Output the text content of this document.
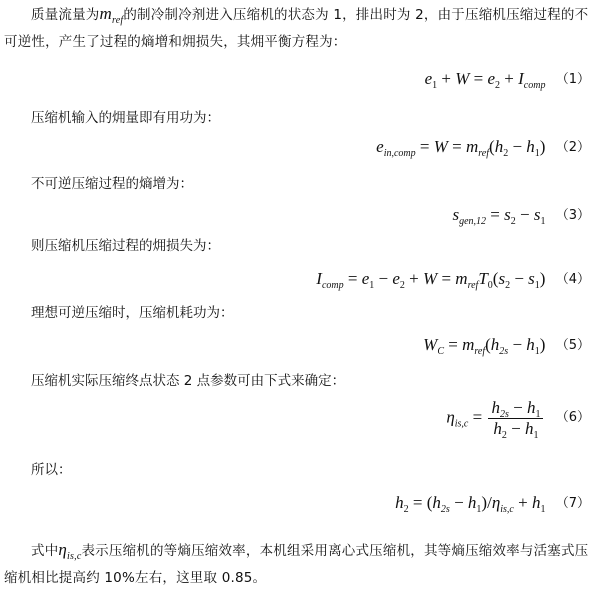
质量流量为$m_{ref}$的制冷制冷剂进入压缩机的状态为 1，排出时为 2，由于压缩机压缩过程的不可逆性，产生了过程的熵增和㶲损失，其㶲平衡方程为：
$e_1 + W = e_2 + I_{comp}$ （1）
压缩机输入的㶲量即有用功为：
$e_{in,comp} = W = m_{ref}(h_2 - h_1)$ （2）
不可逆压缩过程的熵增为：
$s_{gen,12} = s_2 - s_1$ （3）
则压缩机压缩过程的㶲损失为：
$I_{comp} = e_1 - e_2 + W = m_{ref}T_0(s_2 - s_1)$ （4）
理想可逆压缩时，压缩机耗功为：
$W_C = m_{ref}(h_{2s} - h_1)$ （5）
压缩机实际压缩终点状态 2 点参数可由下式来确定：
$\eta_{is,c} = \frac{h_{2s} - h_1}{h_2 - h_1} (6)$
所以：
$h_2 = (h_{2s} - h_1)/\eta_{is,c} + h_1$ （7）
式中$\eta_{is,c}$表示压缩机的等熵压缩效率，本机组采用离心式压缩机，其等熵压缩效率与活塞式压缩机相比提高约 10%左右，这里取 0.85。
